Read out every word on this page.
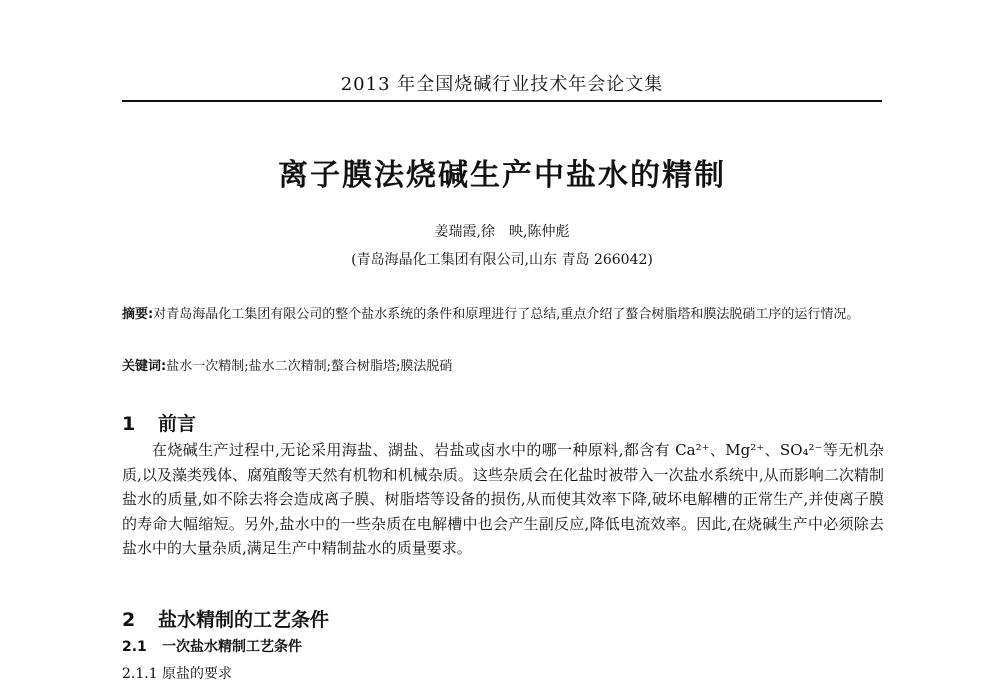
2013 年全国烧碱行业技术年会论文集
离子膜法烧碱生产中盐水的精制
姜瑞霞,徐　映,陈仲彪
(青岛海晶化工集团有限公司,山东 青岛 266042)
摘要:对青岛海晶化工集团有限公司的整个盐水系统的条件和原理进行了总结,重点介绍了螯合树脂塔和膜法脱硝工序的运行情况。
关键词:盐水一次精制;盐水二次精制;螯合树脂塔;膜法脱硝
1 前言
在烧碱生产过程中,无论采用海盐、湖盐、岩盐或卤水中的哪一种原料,都含有 Ca²⁺、Mg²⁺、SO₄²⁻等无机杂质,以及藻类残体、腐殖酸等天然有机物和机械杂质。这些杂质会在化盐时被带入一次盐水系统中,从而影响二次精制盐水的质量,如不除去将会造成离子膜、树脂塔等设备的损伤,从而使其效率下降,破坏电解槽的正常生产,并使离子膜的寿命大幅缩短。另外,盐水中的一些杂质在电解槽中也会产生副反应,降低电流效率。因此,在烧碱生产中必须除去盐水中的大量杂质,满足生产中精制盐水的质量要求。
2 盐水精制的工艺条件
2.1 一次盐水精制工艺条件
2.1.1 原盐的要求
